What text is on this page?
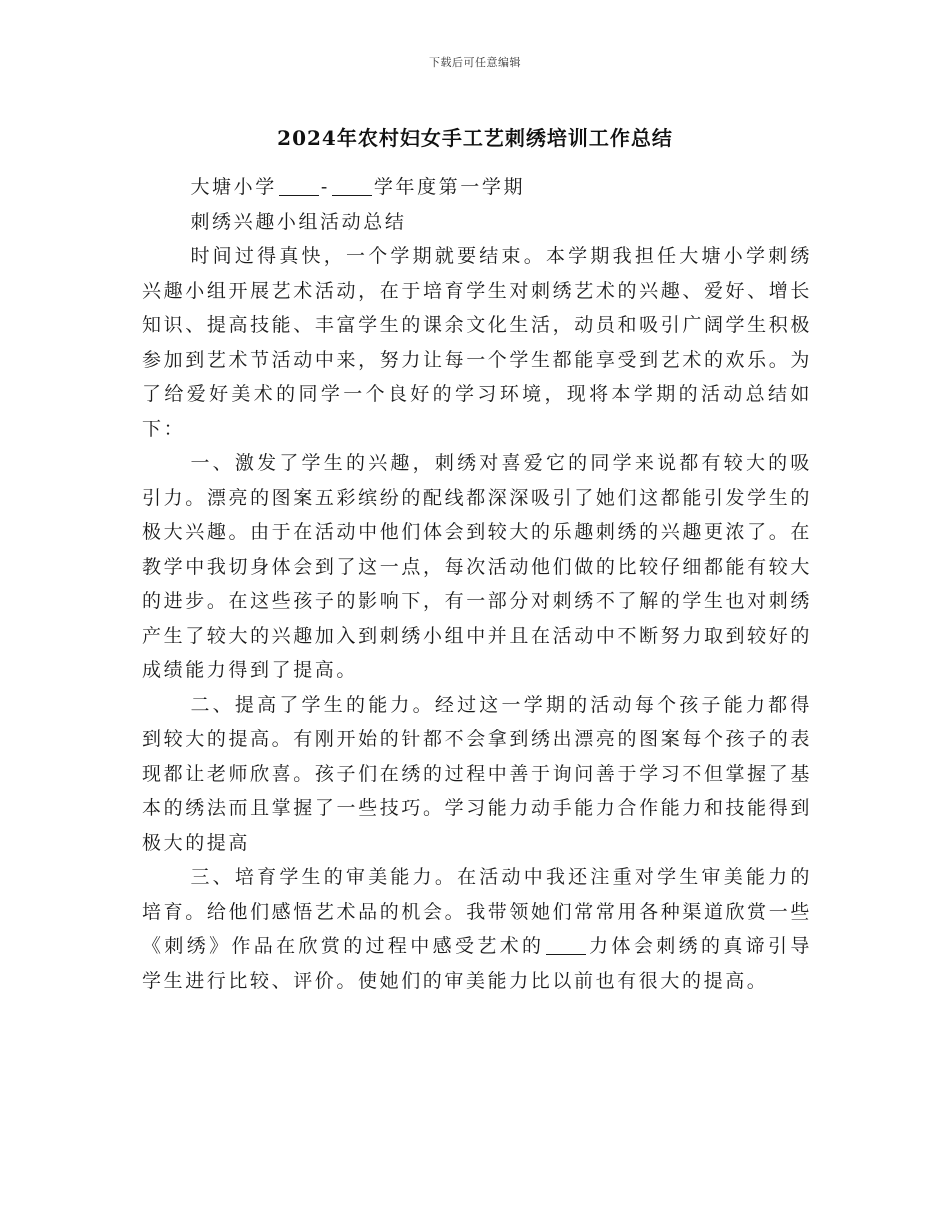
下载后可任意编辑
2024年农村妇女手工艺刺绣培训工作总结

大塘小学 - 学年度第一学期

刺绣兴趣小组活动总结

时间过得真快，一个学期就要结束。本学期我担任大塘小学刺绣兴趣小组开展艺术活动，在于培育学生对刺绣艺术的兴趣、爱好、增长知识、提高技能、丰富学生的课余文化生活，动员和吸引广阔学生积极参加到艺术节活动中来，努力让每一个学生都能享受到艺术的欢乐。为了给爱好美术的同学一个良好的学习环境，现将本学期的活动总结如下：

一、激发了学生的兴趣，刺绣对喜爱它的同学来说都有较大的吸引力。漂亮的图案五彩缤纷的配线都深深吸引了她们这都能引发学生的极大兴趣。由于在活动中他们体会到较大的乐趣刺绣的兴趣更浓了。在教学中我切身体会到了这一点，每次活动他们做的比较仔细都能有较大的进步。在这些孩子的影响下，有一部分对刺绣不了解的学生也对刺绣产生了较大的兴趣加入到刺绣小组中并且在活动中不断努力取到较好的成绩能力得到了提高。

二、提高了学生的能力。经过这一学期的活动每个孩子能力都得到较大的提高。有刚开始的针都不会拿到绣出漂亮的图案每个孩子的表现都让老师欣喜。孩子们在绣的过程中善于询问善于学习不但掌握了基本的绣法而且掌握了一些技巧。学习能力动手能力合作能力和技能得到极大的提高

三、培育学生的审美能力。在活动中我还注重对学生审美能力的培育。给他们感悟艺术品的机会。我带领她们常常用各种渠道欣赏一些《刺绣》作品在欣赏的过程中感受艺术的 力体会刺绣的真谛引导学生进行比较、评价。使她们的审美能力比以前也有很大的提高。
